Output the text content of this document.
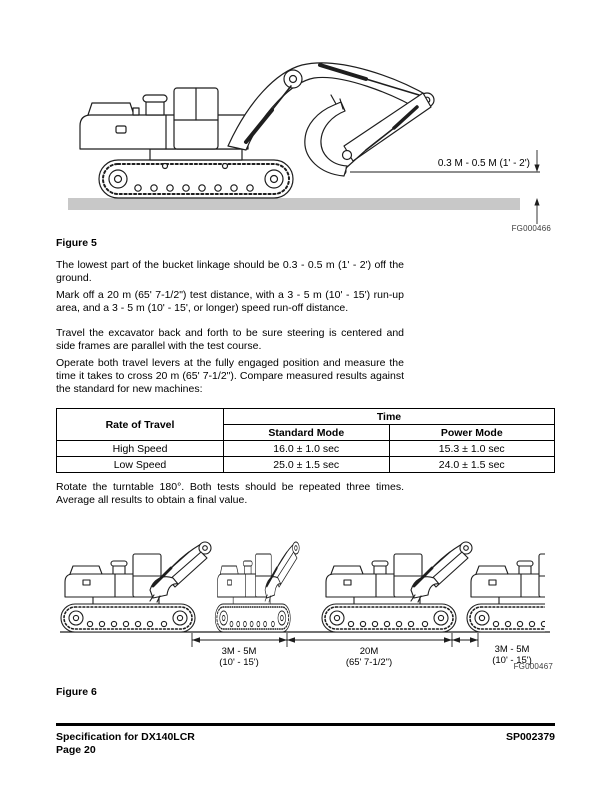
0.3 M - 0.5 M (1' - 2')
FG000466
Figure 5

The lowest part of the bucket linkage should be 0.3 - 0.5 m (1' - 2') off the ground.

Mark off a 20 m (65' 7-1/2") test distance, with a 3 - 5 m (10' - 15') run-up area, and a 3 - 5 m (10' - 15', or longer) speed run-off distance.

Travel the excavator back and forth to be sure steering is centered and side frames are parallel with the test course.

Operate both travel levers at the fully engaged position and measure the time it takes to cross 20 m (65' 7-1/2"). Compare measured results against the standard for new machines:

Rate of Travel	Time	
	Standard Mode	Power Mode
High Speed	16.0 ± 1.0 sec	15.3 ± 1.0 sec
Low Speed	25.0 ± 1.5 sec	24.0 ± 1.5 sec

Rotate the turntable 180°. Both tests should be repeated three times. Average all results to obtain a final value.

3M - 5M
(10' - 15')
20M
(65' 7-1/2")
3M - 5M
(10' - 15')
FG000467
Figure 6
Specification for DX140LCR
Page 20
SP002379
